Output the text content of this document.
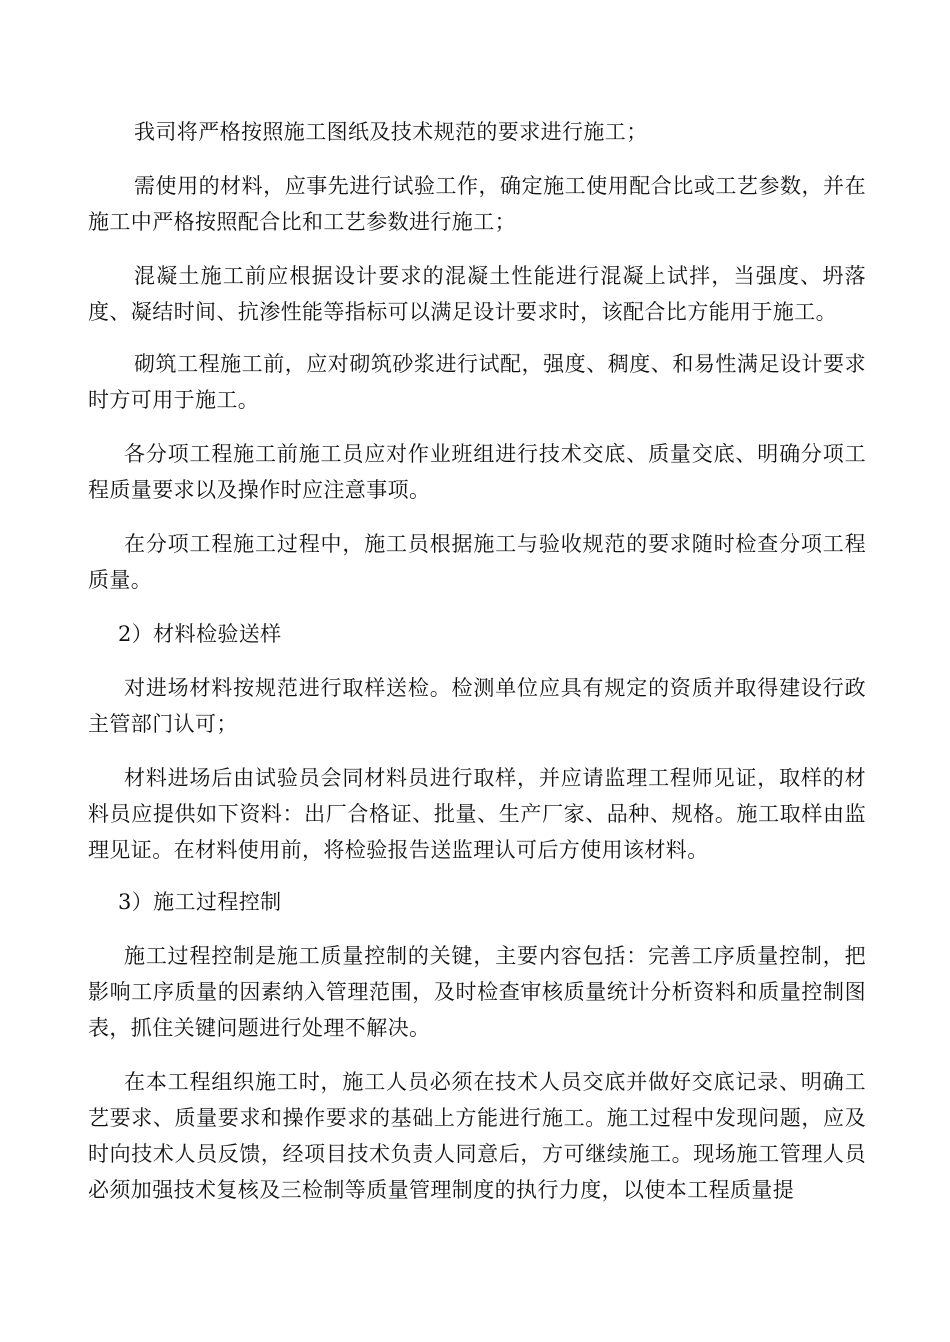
我司将严格按照施工图纸及技术规范的要求进行施工；

需使用的材料，应事先进行试验工作，确定施工使用配合比或工艺参数，并在施工中严格按照配合比和工艺参数进行施工；

混凝土施工前应根据设计要求的混凝土性能进行混凝上试拌，当强度、坍落度、凝结时间、抗渗性能等指标可以满足设计要求时，该配合比方能用于施工。

砌筑工程施工前，应对砌筑砂浆进行试配，强度、稠度、和易性满足设计要求时方可用于施工。

各分项工程施工前施工员应对作业班组进行技术交底、质量交底、明确分项工程质量要求以及操作时应注意事项。

在分项工程施工过程中，施工员根据施工与验收规范的要求随时检查分项工程质量。

2）材料检验送样

对进场材料按规范进行取样送检。检测单位应具有规定的资质并取得建设行政主管部门认可；

材料进场后由试验员会同材料员进行取样，并应请监理工程师见证，取样的材料员应提供如下资料：出厂合格证、批量、生产厂家、品种、规格。施工取样由监理见证。在材料使用前，将检验报告送监理认可后方使用该材料。

3）施工过程控制

施工过程控制是施工质量控制的关键，主要内容包括：完善工序质量控制，把影响工序质量的因素纳入管理范围，及时检查审核质量统计分析资料和质量控制图表，抓住关键问题进行处理不解决。

在本工程组织施工时，施工人员必须在技术人员交底并做好交底记录、明确工艺要求、质量要求和操作要求的基础上方能进行施工。施工过程中发现问题，应及时向技术人员反馈，经项目技术负责人同意后，方可继续施工。现场施工管理人员必须加强技术复核及三检制等质量管理制度的执行力度，以使本工程质量提
